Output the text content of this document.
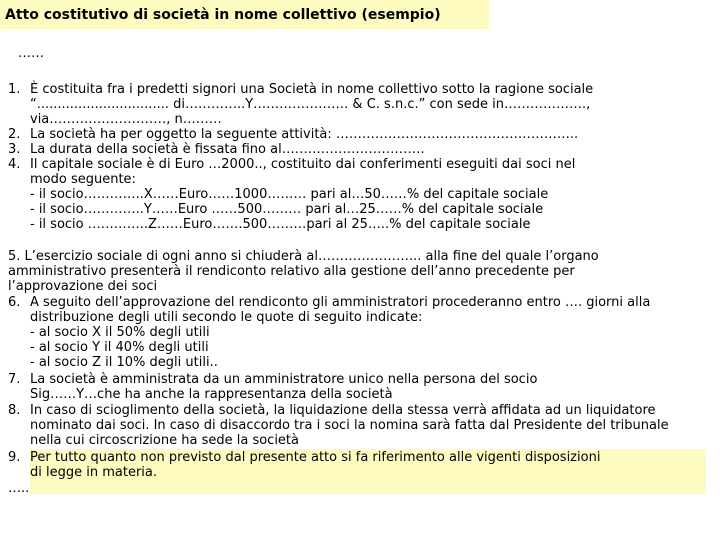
Atto costitutivo di società in nome collettivo (esempio)
……
1. È costituita fra i predetti signori una Società in nome collettivo sotto la ragione sociale
“................................ di…………..Y…………………. & C. s.n.c.” con sede in……………….,
via………………………, n………
2. La società ha per oggetto la seguente attività: ………………………………………………..
3. La durata della società è fissata fino al……………………………
4. Il capitale sociale è di Euro …2000.., costituito dai conferimenti eseguiti dai soci nel
modo seguente:
- il socio…………..X……Euro……1000……… pari al…50……% del capitale sociale
- il socio…………..Y……Euro ……500……… pari al…25……% del capitale sociale
- il socio …………..Z……Euro…….500………pari al 25…..% del capitale sociale
5. L’esercizio sociale di ogni anno si chiuderà al…………………... alla fine del quale l’organo
amministrativo presenterà il rendiconto relativo alla gestione dell’anno precedente per
l’approvazione dei soci
6. A seguito dell’approvazione del rendiconto gli amministratori procederanno entro …. giorni alla
distribuzione degli utili secondo le quote di seguito indicate:
- al socio X il 50% degli utili
- al socio Y il 40% degli utili
- al socio Z il 10% degli utili..
7. La società è amministrata da un amministratore unico nella persona del socio
Sig……Y…che ha anche la rappresentanza della società
8. In caso di scioglimento della società, la liquidazione della stessa verrà affidata ad un liquidatore
nominato dai soci. In caso di disaccordo tra i soci la nomina sarà fatta dal Presidente del tribunale
nella cui circoscrizione ha sede la società
9. Per tutto quanto non previsto dal presente atto si fa riferimento alle vigenti disposizioni
di legge in materia.
…..
